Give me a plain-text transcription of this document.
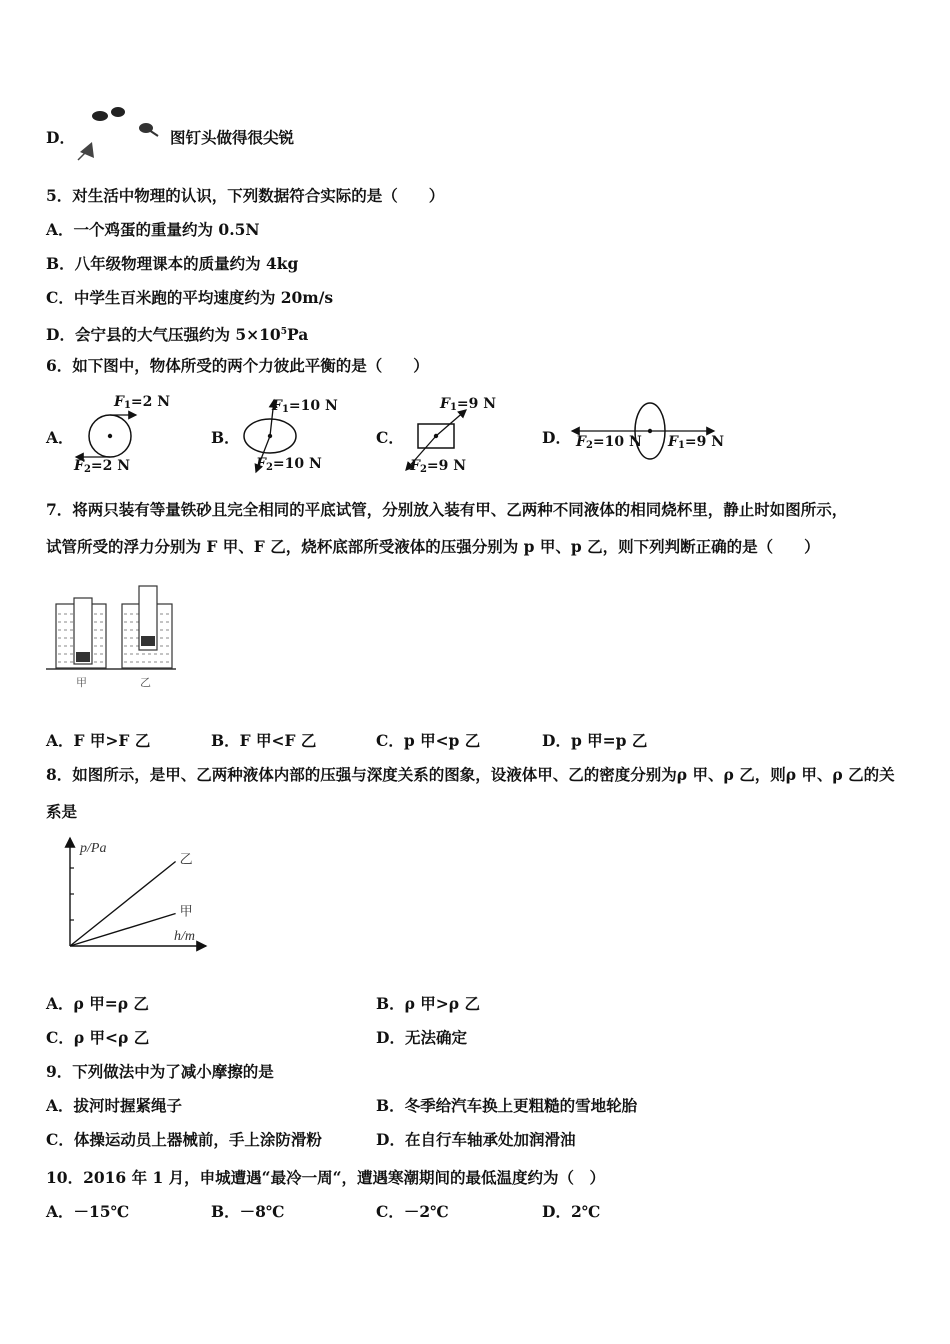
D．	图钉头做得很尖锐
5．对生活中物理的认识，下列数据符合实际的是（　　）
A．一个鸡蛋的重量约为 0.5N
B．八年级物理课本的质量约为 4kg
C．中学生百米跑的平均速度约为 20m/s
D．会宁县的大气压强约为 $5\times 10^5Pa$
6．如下图中，物体所受的两个力彼此平衡的是（　　）
A．
$F_1=2$ N
$F_2=2$ N
B．
$F_1=10$ N
$F_2=10$ N
C．
$F_1=9$ N
$F_2=9$ N
D． $F_2=10$ N $F_1=9$ N
7．将两只装有等量铁砂且完全相同的平底试管，分别放入装有甲、乙两种不同液体的相同烧杯里，静止时如图所示，
试管所受的浮力分别为 F 甲、F 乙，烧杯底部所受液体的压强分别为 p 甲、p 乙，则下列判断正确的是（　　）
甲	乙
A．F 甲>F 乙	B．F 甲<F 乙	C．p 甲<p 乙	D．p 甲=p 乙
8．如图所示，是甲、乙两种液体内部的压强与深度关系的图象，设液体甲、乙的密度分别为ρ 甲、ρ 乙，则ρ 甲、ρ 乙的关
系是
p/Pa
h/m
乙
甲
A．ρ 甲=ρ 乙	B．ρ 甲>ρ 乙
C．ρ 甲<ρ 乙	D．无法确定
9．下列做法中为了减小摩擦的是
A．拔河时握紧绳子	B．冬季给汽车换上更粗糙的雪地轮胎
C．体操运动员上器械前，手上涂防滑粉	D．在自行车轴承处加润滑油
10．2016 年 1 月，申城遭遇“最冷一周“，遭遇寒潮期间的最低温度约为（　）
A．－15℃	B．－8℃	C．－2℃	D．2℃
